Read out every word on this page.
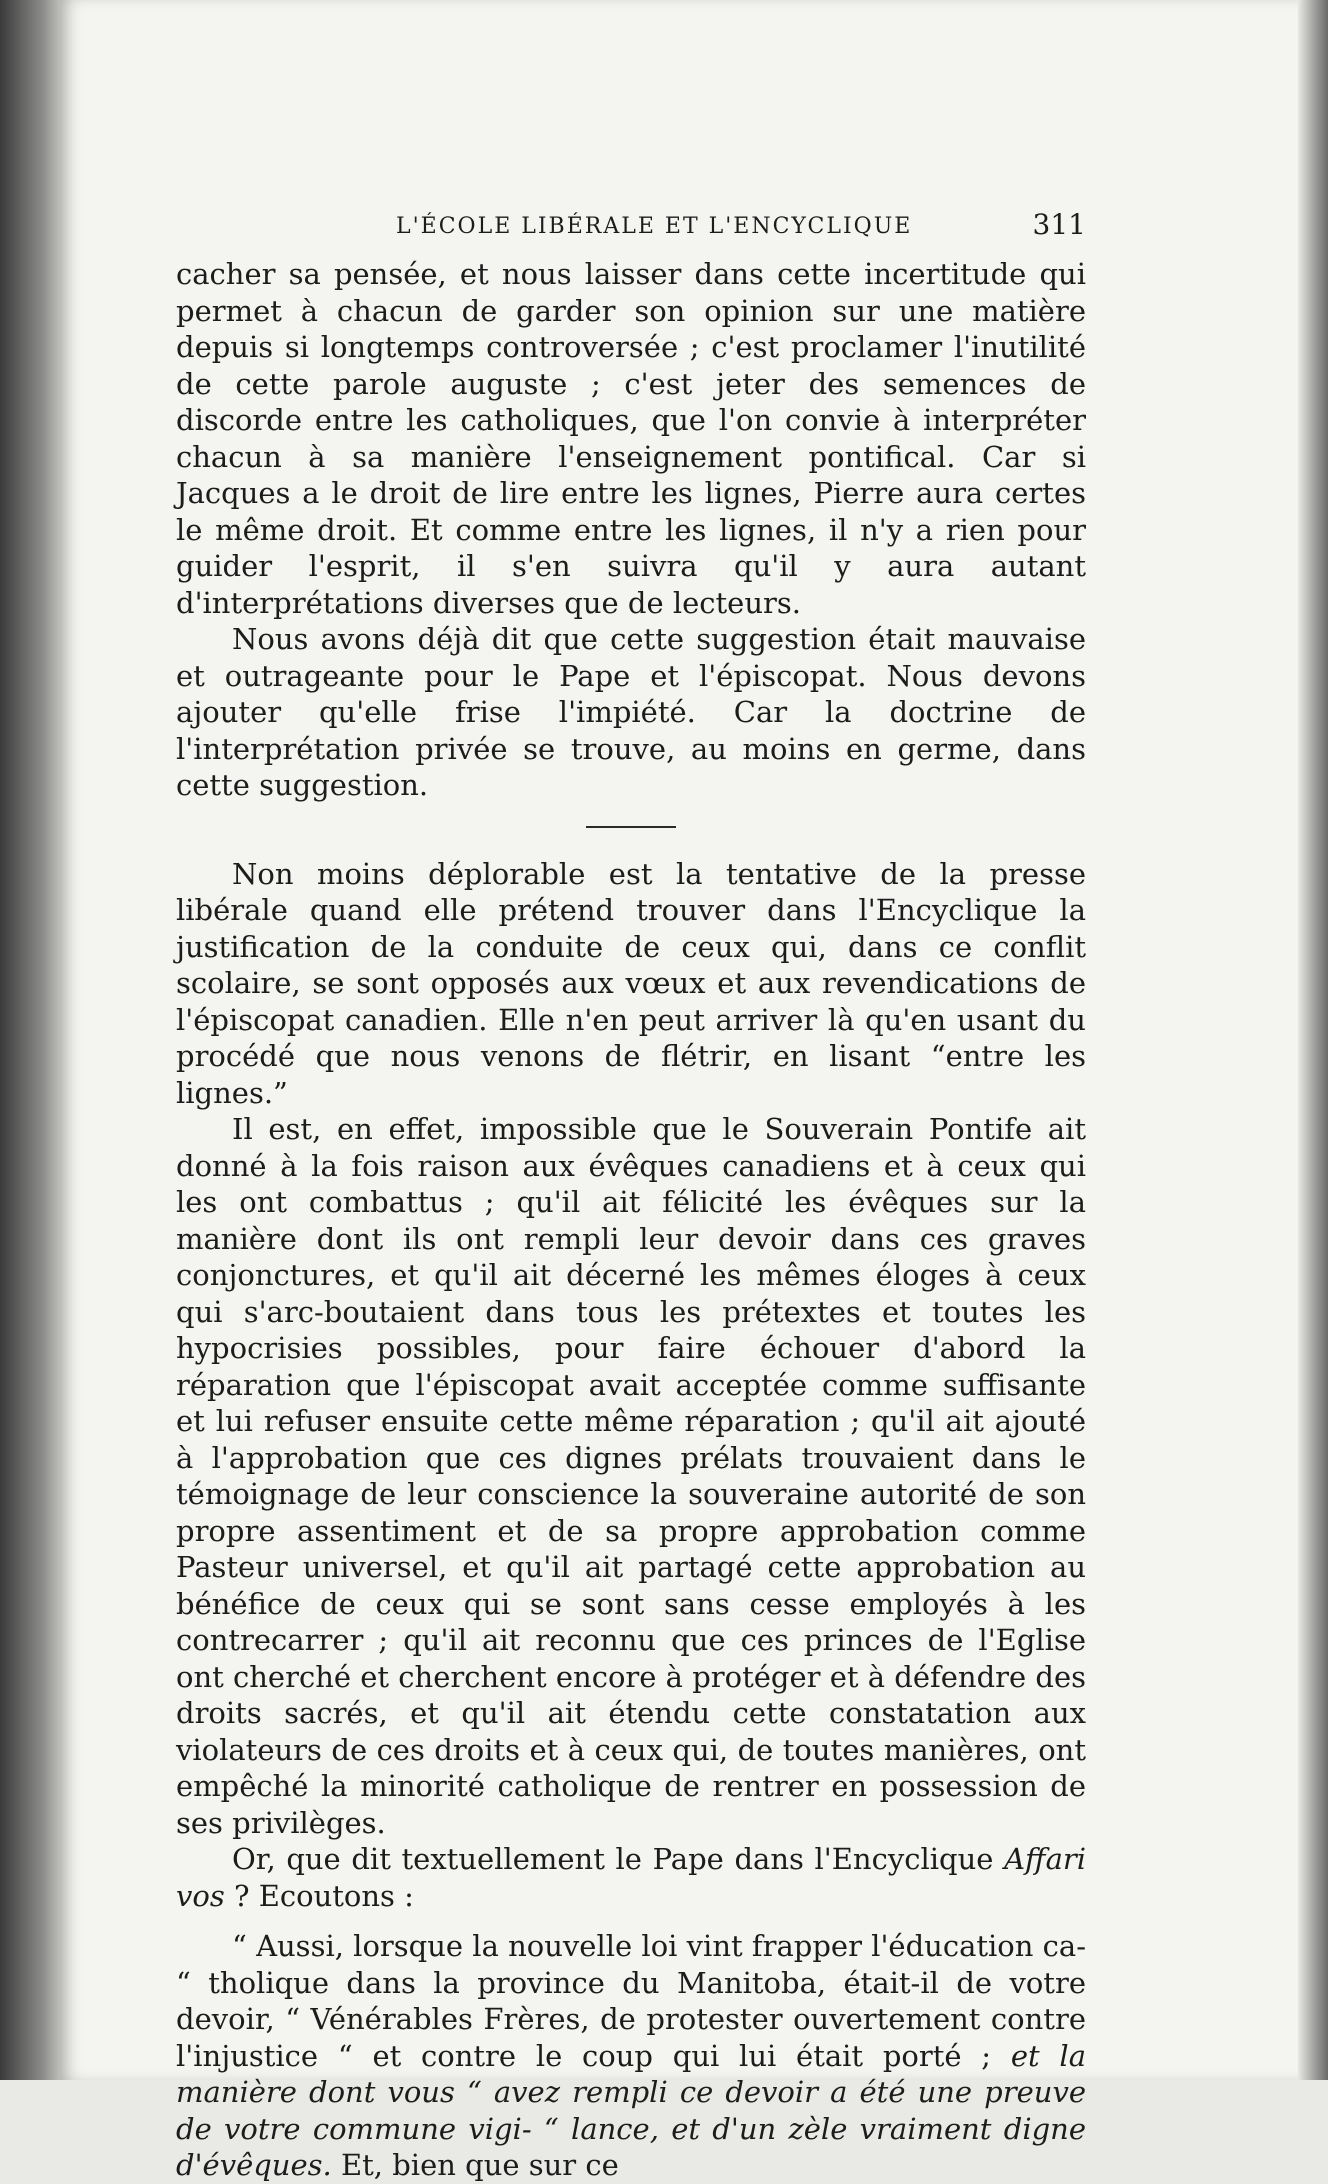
L'ÉCOLE LIBÉRALE ET L'ENCYCLIQUE	311

cacher sa pensée, et nous laisser dans cette incertitude qui permet à chacun de garder son opinion sur une matière depuis si longtemps controversée ; c'est proclamer l'inutilité de cette parole auguste ; c'est jeter des semences de discorde entre les catholiques, que l'on convie à interpréter chacun à sa manière l'enseignement pontifical. Car si Jacques a le droit de lire entre les lignes, Pierre aura certes le même droit. Et comme entre les lignes, il n'y a rien pour guider l'esprit, il s'en suivra qu'il y aura autant d'interprétations diverses que de lecteurs.

Nous avons déjà dit que cette suggestion était mauvaise et outrageante pour le Pape et l'épiscopat. Nous devons ajouter qu'elle frise l'impiété. Car la doctrine de l'interprétation privée se trouve, au moins en germe, dans cette suggestion.

Non moins déplorable est la tentative de la presse libérale quand elle prétend trouver dans l'Encyclique la justification de la conduite de ceux qui, dans ce conflit scolaire, se sont opposés aux vœux et aux revendications de l'épiscopat canadien. Elle n'en peut arriver là qu'en usant du procédé que nous venons de flétrir, en lisant “entre les lignes.”

Il est, en effet, impossible que le Souverain Pontife ait donné à la fois raison aux évêques canadiens et à ceux qui les ont combattus ; qu'il ait félicité les évêques sur la manière dont ils ont rempli leur devoir dans ces graves conjonctures, et qu'il ait décerné les mêmes éloges à ceux qui s'arc-boutaient dans tous les prétextes et toutes les hypocrisies possibles, pour faire échouer d'abord la réparation que l'épiscopat avait acceptée comme suffisante et lui refuser ensuite cette même réparation ; qu'il ait ajouté à l'approbation que ces dignes prélats trouvaient dans le témoignage de leur conscience la souveraine autorité de son propre assentiment et de sa propre approbation comme Pasteur universel, et qu'il ait partagé cette approbation au bénéfice de ceux qui se sont sans cesse employés à les contrecarrer ; qu'il ait reconnu que ces princes de l'Eglise ont cherché et cherchent encore à protéger et à défendre des droits sacrés, et qu'il ait étendu cette constatation aux violateurs de ces droits et à ceux qui, de toutes manières, ont empêché la minorité catholique de rentrer en possession de ses privilèges.

Or, que dit textuellement le Pape dans l'Encyclique Affari vos ? Ecoutons :

“ Aussi, lorsque la nouvelle loi vint frapper l'éducation ca- “ tholique dans la province du Manitoba, était-il de votre devoir, “ Vénérables Frères, de protester ouvertement contre l'injustice “ et contre le coup qui lui était porté ; et la manière dont vous “ avez rempli ce devoir a été une preuve de votre commune vigi- “ lance, et d'un zèle vraiment digne d'évêques. Et, bien que sur ce
